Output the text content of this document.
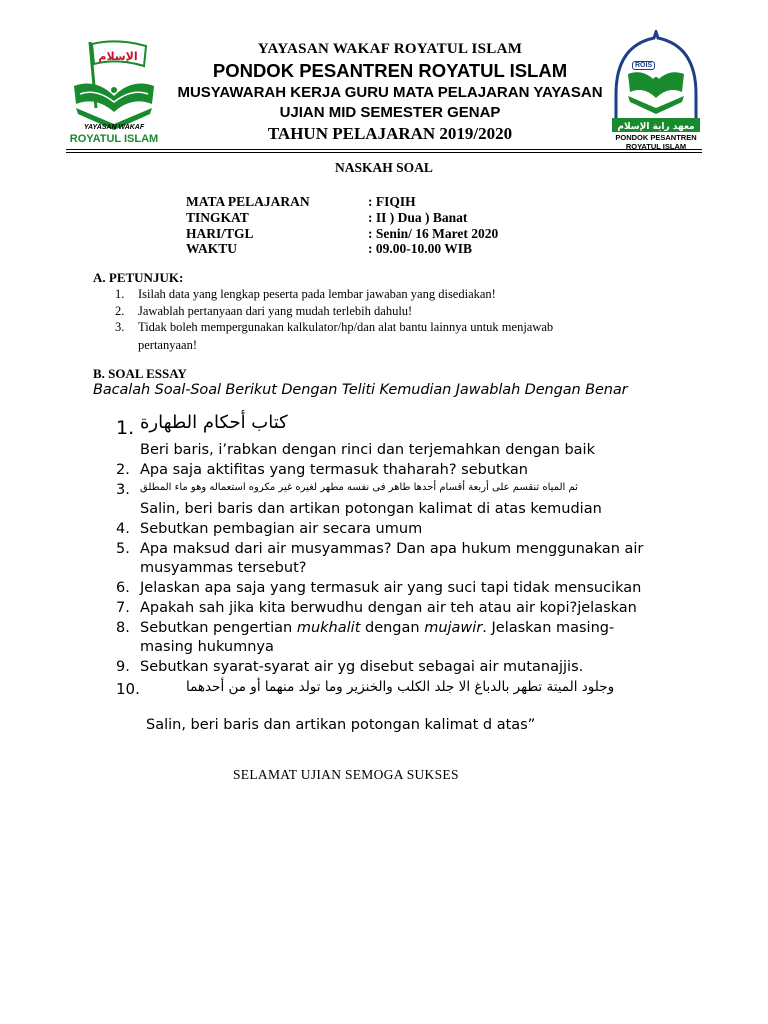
الإسلام
YAYASAN WAKAF
ROYATUL ISLAM
معهد راية الإسلام
ROIS
PONDOK PESANTREN
ROYATUL ISLAM
YAYASAN WAKAF ROYATUL ISLAM
PONDOK PESANTREN ROYATUL ISLAM
MUSYAWARAH KERJA GURU MATA PELAJARAN YAYASAN
UJIAN MID SEMESTER GENAP
TAHUN PELAJARAN 2019/2020
NASKAH SOAL
MATA PELAJARAN	: FIQIH
TINGKAT	: II ) Dua ) Banat
HARI/TGL	: Senin/ 16 Maret 2020
WAKTU	: 09.00-10.00 WIB
A. PETUNJUK:
1. Isilah data yang lengkap peserta pada lembar jawaban yang disediakan!
2. Jawablah pertanyaan dari yang mudah terlebih dahulu!
3. Tidak boleh mempergunakan kalkulator/hp/dan alat bantu lainnya untuk menjawab
pertanyaan!
B. SOAL ESSAY
Bacalah Soal-Soal Berikut Dengan Teliti Kemudian Jawablah Dengan Benar
1. كتاب أحكام الطهارة
Beri baris, i’rabkan dengan rinci dan terjemahkan dengan baik
2. Apa saja aktifitas yang termasuk thaharah? sebutkan
3. ثم المياه تنقسم على أربعة أقسام أحدها طاهر فى نفسه مطهر لغيره غير مكروه استعماله وهو ماء المطلق
Salin, beri baris dan artikan potongan kalimat di atas kemudian
4. Sebutkan pembagian air secara umum
5. Apa maksud dari air musyammas? Dan apa hukum menggunakan air
musyammas tersebut?
6. Jelaskan apa saja yang termasuk air yang suci tapi tidak mensucikan
7. Apakah sah jika kita berwudhu dengan air teh atau air kopi?jelaskan
8. Sebutkan pengertian mukhalit dengan mujawir. Jelaskan masing-
masing hukumnya
9. Sebutkan syarat-syarat air yg disebut sebagai air mutanajjis.
10.	وجلود الميتة تطهر بالدباغ الا جلد الكلب والخنزير وما تولد منهما أو من أحدهما
Salin, beri baris dan artikan potongan kalimat d atas”
SELAMAT UJIAN SEMOGA SUKSES
